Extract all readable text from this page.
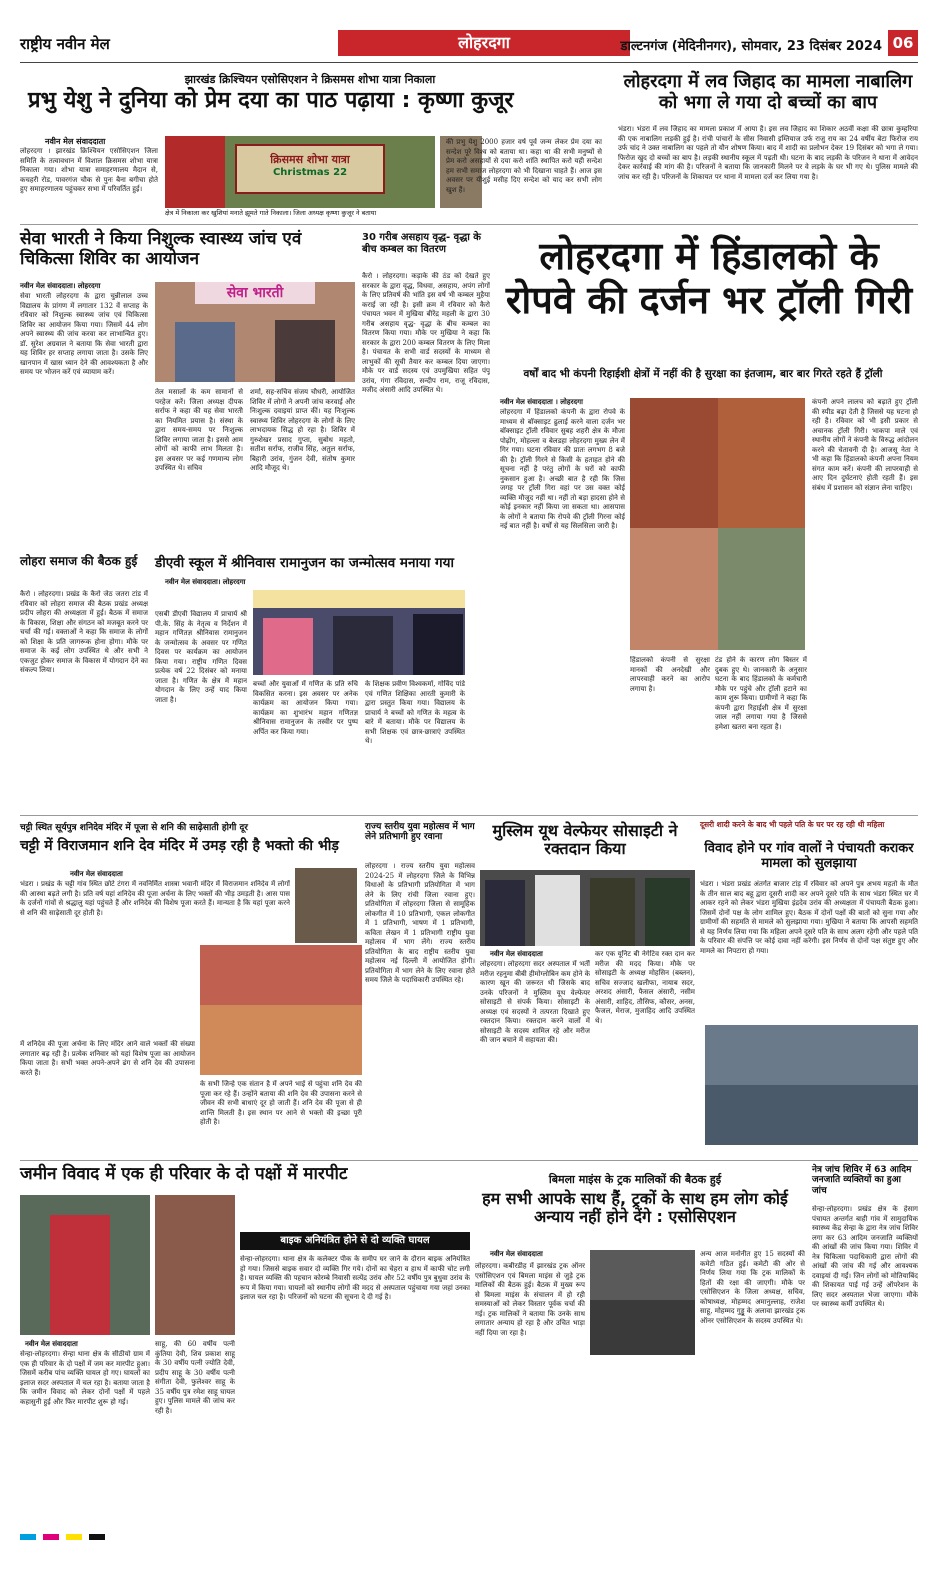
राष्ट्रीय नवीन मेल	लोहरदगा	डाल्टनगंज (मेदिनीनगर), सोमवार, 23 दिसंबर 2024 06
झारखंड क्रिश्चियन एसोसिएशन ने क्रिसमस शोभा यात्रा निकाला
प्रभु येशु ने दुनिया को प्रेम दया का पाठ पढ़ाया : कृष्णा कुजूर
नवीन मेल संवाददाता
लोहरदगा । झारखंड क्रिश्चियन एसोसिएशन जिला समिति के तत्वावधान में विशाल क्रिसमस शोभा यात्रा निकाला गया। शोभा यात्रा समाहरणालय मैदान से, कचहरी रोड, पावरगंज चौक से पुनः बैना बगीचा होते हुए समाहरणालय पहुंचकर सभा में परिवर्तित हुई।
क्रिसमस शोभा यात्रा
Christmas 22
क्षेत्र में निकाला कर खुशियां मनाते झूमते गाते निकाला। जिला अध्यक्ष कृष्णा कुजूर ने बताया
की प्रभु येशु 2000 हजार वर्ष पूर्व जन्म लेकर प्रेम दया का सन्देश पूरे विश्व को बताया था। कहा था की सभी मनुष्यों से प्रेम करो असहायों से दया करो शांति स्थापित करो यही सन्देश हम सभी समाज लोहरदगा को भी दिखाना चाहते हैं। आज इस अवसर पर यीशुई मसीह दिए सन्देश को याद कर सभी लोग खुश हैं।
लोहरदगा में लव जिहाद का मामला नाबालिग को भगा ले गया दो बच्चों का बाप
भंडरा। भंडरा में लव जिहाद का मामला प्रकाश में आया है। इस लव जिहाद का शिकार अठवीं कक्षा की छात्रा कुम्हरिया की एक नाबालिग लड़की हुई है। रांची पांचारों के सीस निवासी इम्तियाज उर्फ राजु राय का 24 वर्षीय बेटा फिरोज राय उर्फ चांद ने उक्त नाबालिग का पहले तो यौन शोषण किया। बाद में शादी का प्रलोभन देकर 19 दिसंबर को भगा ले गया। फिरोज खुद दो बच्चों का बाप है। लड़की स्थानीय स्कूल में पढ़ती थी। घटना के बाद लड़की के परिजन ने थाना में आवेदन देकर कार्रवाई की मांग की है। परिजनों ने बताया कि जानकारी मिलने पर वे लड़के के घर भी गए थे। पुलिस मामले की जांच कर रही है। परिजनों के शिकायत पर थाना में मामला दर्ज कर लिया गया है।
सेवा भारती ने किया निशुल्क स्वास्थ्य जांच एवं चिकित्सा शिविर का आयोजन
नवीन मेल संवाददाता। लोहरदगा
सेवा भारती लोहरदगा के द्वारा चुन्नीलाल उच्च विद्यालय के प्रांगण में लगातार 132 वें सप्ताह के रविवार को निशुल्क स्वास्थ्य जांच एवं चिकित्सा शिविर का आयोजन किया गया। जिसमें 44 लोग अपने स्वास्थ्य की जांच करवा कर लाभान्वित हुए। डॉ. सुरेश अग्रवाल ने बताया कि सेवा भारती द्वारा यह शिविर हर सप्ताह लगाया जाता है। उसके लिए खानपान में खास ध्यान देने की आवश्यकता है और समय पर भोजन करें एवं व्यायाम करें।
सेवा भारती
तेल मसालों के कम सामानों से परहेज करें। जिला अध्यक्ष दीपक सर्राफ ने कहा की यह सेवा भारती का नियमित प्रयास है। संस्था के द्वारा समय-समय पर निःशुल्क शिविर लगाया जाता है। इससे आम लोगों को काफी लाभ मिलता है। इस अवसर पर कई गणमान्य लोग उपस्थित थे। सचिव
शर्मा, सह-सचिव संजय चौधरी, आयोजित शिविर में लोगों ने अपनी जांच करवाई और निःशुल्क दवाइयां प्राप्त कीं। यह निःशुल्क स्वास्थ्य शिविर लोहरदगा के लोगों के लिए लाभदायक सिद्ध हो रहा है। शिविर में गुरुशेखर प्रसाद गुप्ता, सुबोध महतो, सतीश सर्राफ, राजीव सिंह, अतुल सर्राफ, बिहारी उरांव, गुंजन देवी, संतोष कुमार आदि मौजूद थे।
30 गरीब असहाय वृद्ध- वृद्धा के बीच कम्बल का वितरण
कैरो । लोहरदगा। कड़ाके की ठंड को देखते हुए सरकार के द्वारा वृद्ध, विधवा, असहाय, अपंग लोगों के लिए प्रतिवर्ष की भांति इस वर्ष भी कम्बल मुहैया कराई जा रही है। इसी क्रम में रविवार को कैरो पंचायत भवन में मुखिया बीरेंद्र महली के द्वारा 30 गरीब असहाय वृद्ध- वृद्धा के बीच कम्बल का वितरण किया गया। मौके पर मुखिया ने कहा कि सरकार के द्वारा 200 कम्बल वितरण के लिए मिला है। पंचायत के सभी वार्ड सदस्यों के माध्यम से लाभुकों की सूची तैयार कर कम्बल दिया जाएगा। मौके पर वार्ड सदस्य एवं उपमुखिया सहित पंपू उरांव, गंगा रविदास, सन्दीप राम, राजू रविदास, मजीद अंसारी आदि उपस्थित थे।
लोहरदगा में हिंडालको के रोपवे की दर्जन भर ट्रॉली गिरी
वर्षों बाद भी कंपनी रिहाईशी क्षेत्रों में नहीं की है सुरक्षा का इंतजाम, बार बार गिरते रहते हैं ट्रॉली
नवीन मेल संवाददाता । लोहरदगा
लोहरदगा में हिंडालको कंपनी के द्वारा रोपवे के माध्यम से बॉक्साइट ढुलाई करने वाला दर्जन भर बॉक्साइट ट्रॉली रविवार सुबह शहरी क्षेत्र के मौजा पोढ़ोंग, मोहल्ला व बेलडहा लोहरदगा मुख्य लेन में गिर गया। घटना रविवार की प्रातः लगभग 8 बजे की है। ट्रॉली गिरने से किसी के हताहत होने की सूचना नहीं है परंतु लोगों के घरों को काफी नुकसान हुआ है। अच्छी बात है रही कि जिस जगह पर ट्रॉली गिरा वहां पर उस वक्त कोई व्यक्ति मौजूद नहीं था। नहीं तो बड़ा हादसा होने से कोई इनकार नहीं किया जा सकता था। आसपास के लोगों ने बताया कि रोपवे की ट्रॉली गिरना कोई नई बात नहीं है। वर्षों से यह सिलसिला जारी है।
हिंडालको कंपनी से सुरक्षा मानकों की अनदेखी और लापरवाही करने का आरोप लगाया है।
टंड होने के कारण लोग बिस्तर में दुबक हुए थे। जानकारी के अनुसार घटना के बाद हिंडालको के कर्मचारी मौके पर पहुंचे और ट्रॉली हटाने का काम शुरू किया। ग्रामीणों ने कहा कि कंपनी द्वारा रिहाईशी क्षेत्र में सुरक्षा जाल नहीं लगाया गया है जिससे हमेशा खतरा बना रहता है।
कंपनी अपने लालच को बढ़ाते हुए ट्रॉली की स्पीड बढ़ा देती है जिससे यह घटना हो रही है। रविवार को भी इसी प्रकार से अचानक ट्रॉली गिरी। भाकपा माले एवं स्थानीय लोगों ने कंपनी के विरुद्ध आंदोलन करने की चेतावनी दी है। आजसू नेता ने भी कहा कि हिंडालको कंपनी अपना नियम संगत काम करें। कंपनी की लापरवाही से आए दिन दुर्घटनाएं होती रहती हैं। इस संबंध में प्रशासन को संज्ञान लेना चाहिए।
लोहरा समाज की बैठक हुई
कैरो । लोहरदगा। प्रखंड के कैरो जेठ जतरा टांड में रविवार को लोहरा समाज की बैठक प्रखंड अध्यक्ष प्रदीप लोहरा की अध्यक्षता में हुई। बैठक में समाज के विकास, शिक्षा और संगठन को मजबूत करने पर चर्चा की गई। वक्ताओं ने कहा कि समाज के लोगों को शिक्षा के प्रति जागरूक होना होगा। मौके पर समाज के कई लोग उपस्थित थे और सभी ने एकजुट होकर समाज के विकास में योगदान देने का संकल्प लिया।
डीएवी स्कूल में श्रीनिवास रामानुजन का जन्मोत्सव मनाया गया
नवीन मेल संवाददाता। लोहरदगा
एसबी डीएवी विद्यालय में प्राचार्य श्री पी.के. सिंह के नेतृत्व व निर्देशन में महान गणितज्ञ श्रीनिवास रामानुजन के जन्मोत्सव के अवसर पर गणित दिवस पर कार्यक्रम का आयोजन किया गया। राष्ट्रीय गणित दिवस प्रत्येक वर्ष 22 दिसंबर को मनाया जाता है। गणित के क्षेत्र में महान योगदान के लिए उन्हें याद किया जाता है।
बच्चों और युवाओं में गणित के प्रति रुचि विकसित करना। इस अवसर पर अनेक कार्यक्रम का आयोजन किया गया। कार्यक्रम का शुभारंभ महान गणितज्ञ श्रीनिवास रामानुजन के तस्वीर पर पुष्प अर्पित कर किया गया।
के शिक्षक प्रवीण विश्वकर्मा, गोविंद पांडे एवं गणित शिक्षिका आरती कुमारी के द्वारा प्रस्तुत किया गया। विद्यालय के प्राचार्य ने बच्चों को गणित के महत्व के बारे में बताया। मौके पर विद्यालय के सभी शिक्षक एवं छात्र-छात्राएं उपस्थित थे।
चट्टी स्थित सूर्यपुत्र शनिदेव मंदिर में पूजा से शनि की साढ़ेसाती होगी दूर
चट्टी में विराजमान शनि देव मंदिर में उमड़ रही है भक्तो की भीड़
नवीन मेल संवाददाता
भंडरा । प्रखंड के चट्टी गांव स्थित छोटे टंगरा में नवनिर्मित शास्त्रा भवानी मंदिर में विराजमान शनिदेव में लोगों की आस्था बढ़ते लगी है। प्रति वर्ष यहां शनिदेव की पूजा अर्चना के लिए भक्तों की भीड़ उमड़ती है। आस पास के दर्जनों गांवों से श्रद्धालु यहां पहुंचते हैं और शनिदेव की विशेष पूजा करते हैं। मान्यता है कि यहां पूजा करने से शनि की साढ़ेसाती दूर होती है।
में शनिदेव की पूजा अर्चना के लिए मंदिर आने वाले भक्तों की संख्या लगातार बढ़ रही है। प्रत्येक शनिवार को यहां विशेष पूजा का आयोजन किया जाता है। सभी भक्त अपने-अपने ढंग से शनि देव की उपासना करते हैं।
के सभी जिन्हे एक संतान है में अपने भाई से पहुंचा शनि देव की पूजा कर रहे हैं। उन्होंने बताया की शनि देव की उपासना करने से जीवन की सभी बाधाएं दूर हो जाती हैं। शनि देव की पूजा से ही शान्ति मिलती है। इस स्थान पर आने से भक्तो की इच्छा पूरी होती है।
राज्य स्तरीय युवा महोत्सव में भाग लेने प्रतिभागी हुए रवाना
लोहरदगा । राज्य स्तरीय युवा महोत्सव 2024-25 में लोहरदगा जिले के विभिन्न विधाओं के प्रतिभागी प्रतियोगिता में भाग लेने के लिए रांची जिला रवाना हुए। प्रतियोगिता में लोहरदगा जिला से सामूहिक लोकगीत में 10 प्रतिभागी, एकल लोकगीत में 1 प्रतिभागी, भाषण में 1 प्रतिभागी, कविता लेखन में 1 प्रतिभागी राष्ट्रीय युवा महोत्सव में भाग लेंगे। राज्य स्तरीय प्रतियोगिता के बाद राष्ट्रीय स्तरीय युवा महोत्सव नई दिल्ली में आयोजित होगी। प्रतियोगिता में भाग लेने के लिए रवाना होते समय जिले के पदाधिकारी उपस्थित रहे।
मुस्लिम यूथ वेल्फेयर सोसाइटी ने रक्तदान किया
नवीन मेल संवाददाता
लोहरदगा। लोहरदगा सदर अस्पताल में भर्ती मरीज रहनुमा बीबी हीमोग्लोबिन कम होने के कारण खून की जरूरत थी जिसके बाद उनके परिजनों ने मुस्लिम यूथ वेल्फेयर सोसाइटी से संपर्क किया। सोसाइटी के अध्यक्ष एवं सदस्यों ने तत्परता दिखाते हुए रक्तदान किया। रक्तदान करने वालों में सोसाइटी के सदस्य शामिल रहे और मरीज की जान बचाने में सहायता की।
कर एक यूनिट बी नेगेटिव रक्त दान कर मरीज की मदद किया। मौके पर सोसाइटी के अध्यक्ष मोहसिन (बब्लन), सचिव सज्जाद खलीफा, नायाब सदर, अरशद अंसारी, फैसल अंसारी, नसीम अंसारी, शाहिद, तौसिफ, कौसर, अनस, फैजल, मेराज, मुजाहिद आदि उपस्थित थे।
दूसरी शादी करने के बाद भी पहले पति के घर पर रह रही थी महिला
विवाद होने पर गांव वालों ने पंचायती कराकर मामला को सुलझाया
भंडरा । भंडरा प्रखंड अंतर्गत बाजार टांड़ में रविवार को अपने पुत्र अभय महतो के मौत के तीन साल बाद बहू द्वारा दूसरी शादी कर अपने दूसरे पति के साथ भंडरा स्थित घर में आकर रहने को लेकर भंडरा मुखिया इंद्रदेव उरांव की अध्यक्षता में पंचायती बैठक हुआ। जिसमें दोनों पक्ष के लोग शामिल हुए। बैठक में दोनों पक्षों की बातों को सुना गया और ग्रामीणों की सहमति से मामले को सुलझाया गया। मुखिया ने बताया कि आपसी सहमति से यह निर्णय लिया गया कि महिला अपने दूसरे पति के साथ अलग रहेगी और पहले पति के परिवार की संपत्ति पर कोई दावा नहीं करेगी। इस निर्णय से दोनों पक्ष संतुष्ट हुए और मामले का निपटारा हो गया।
जमीन विवाद में एक ही परिवार के दो पक्षों में मारपीट
नवीन मेल संवाददाता
सेन्हा-लोहरदगा। सेन्हा थाना क्षेत्र के सीठीयो ग्राम में एक ही परिवार के दो पक्षों में जम कर मारपीट हुआ। जिसमें करीब पांच व्यक्ति घायल हो गए। घायलों का इलाज सदर अस्पताल में चल रहा है। बताया जाता है कि जमीन विवाद को लेकर दोनों पक्षों में पहले कहासुनी हुई और फिर मारपीट शुरू हो गई।
साहू, की 60 वर्षीय पत्नी कुंतिया देवी, शिव प्रकाश साहू के 30 वर्षीय पत्नी ज्योति देवी, प्रदीप साहू के 30 वर्षीय पत्नी संगीता देवी, फुलेश्वर साहू के 35 वर्षीय पुत्र रमेश साहू घायल हुए। पुलिस मामले की जांच कर रही है।
बाइक अनियंत्रित होने से दो व्यक्ति घायल
सेन्हा-लोहरदगा। थाना क्षेत्र के कलेक्टर पीक के समीप घर जाने के दौरान बाइक अनियंत्रित हो गया। जिससे बाइक सवार दो व्यक्ति गिर गये। दोनों का चेहरा व हाथ में काफी चोट लगी है। घायल व्यक्ति की पहचान कोरम्बे निवासी सत्येंद्र उरांव और 52 वर्षीय पुत्र बुधुवा उरांव के रूप में किया गया। घायलों को स्थानीय लोगों की मदद से अस्पताल पहुंचाया गया जहां उनका इलाज चल रहा है। परिजनों को घटना की सूचना दे दी गई है।
बिमला माइंस के ट्रक मालिकों की बैठक हुई
हम सभी आपके साथ हैं, ट्रकों के साथ हम लोग कोई अन्याय नहीं होने देंगे : एसोसिएशन
नवीन मेल संवाददाता
लोहरदगा। कबीरडीह में झारखंड ट्रक ऑनर एसोसिएशन एवं बिमला माइंस से जुड़े ट्रक मालिकों की बैठक हुई। बैठक में मुख्य रूप से बिमला माइंस के संचालन में हो रही समस्याओं को लेकर विस्तार पूर्वक चर्चा की गई। ट्रक मालिकों ने बताया कि उनके साथ लगातार अन्याय हो रहा है और उचित भाड़ा नहीं दिया जा रहा है।
अन्य आज मनोनीत हुए 15 सदस्यों की कमेटी गठित हुई। कमेटी की ओर से निर्णय लिया गया कि ट्रक मालिकों के हितों की रक्षा की जाएगी। मौके पर एसोसिएशन के जिला अध्यक्ष, सचिव, कोषाध्यक्ष, मोहम्मद अमानुल्लाह, राजेश साहू, मोहम्मद गुड्डू के अलावा झारखंड ट्रक ऑनर एसोसिएशन के सदस्य उपस्थित थे।
नेत्र जांच शिविर में 63 आदिम जनजाति व्यक्तियों का हुआ जांच
सेन्हा-लोहरदगा। प्रखंड क्षेत्र के हेसाग पंचायत अन्तर्गत बाही गांव में सामुदायिक स्वास्थ्य केंद्र सेन्हा के द्वारा नेत्र जांच शिविर लगा कर 63 आदिम जनजाति व्यक्तियों की आंखों की जांच किया गया। शिविर में नेत्र चिकित्सा पदाधिकारी द्वारा लोगों की आंखों की जांच की गई और आवश्यक दवाइयां दी गईं। जिन लोगों को मोतियाबिंद की शिकायत पाई गई उन्हें ऑपरेशन के लिए सदर अस्पताल भेजा जाएगा। मौके पर स्वास्थ्य कर्मी उपस्थित थे।
